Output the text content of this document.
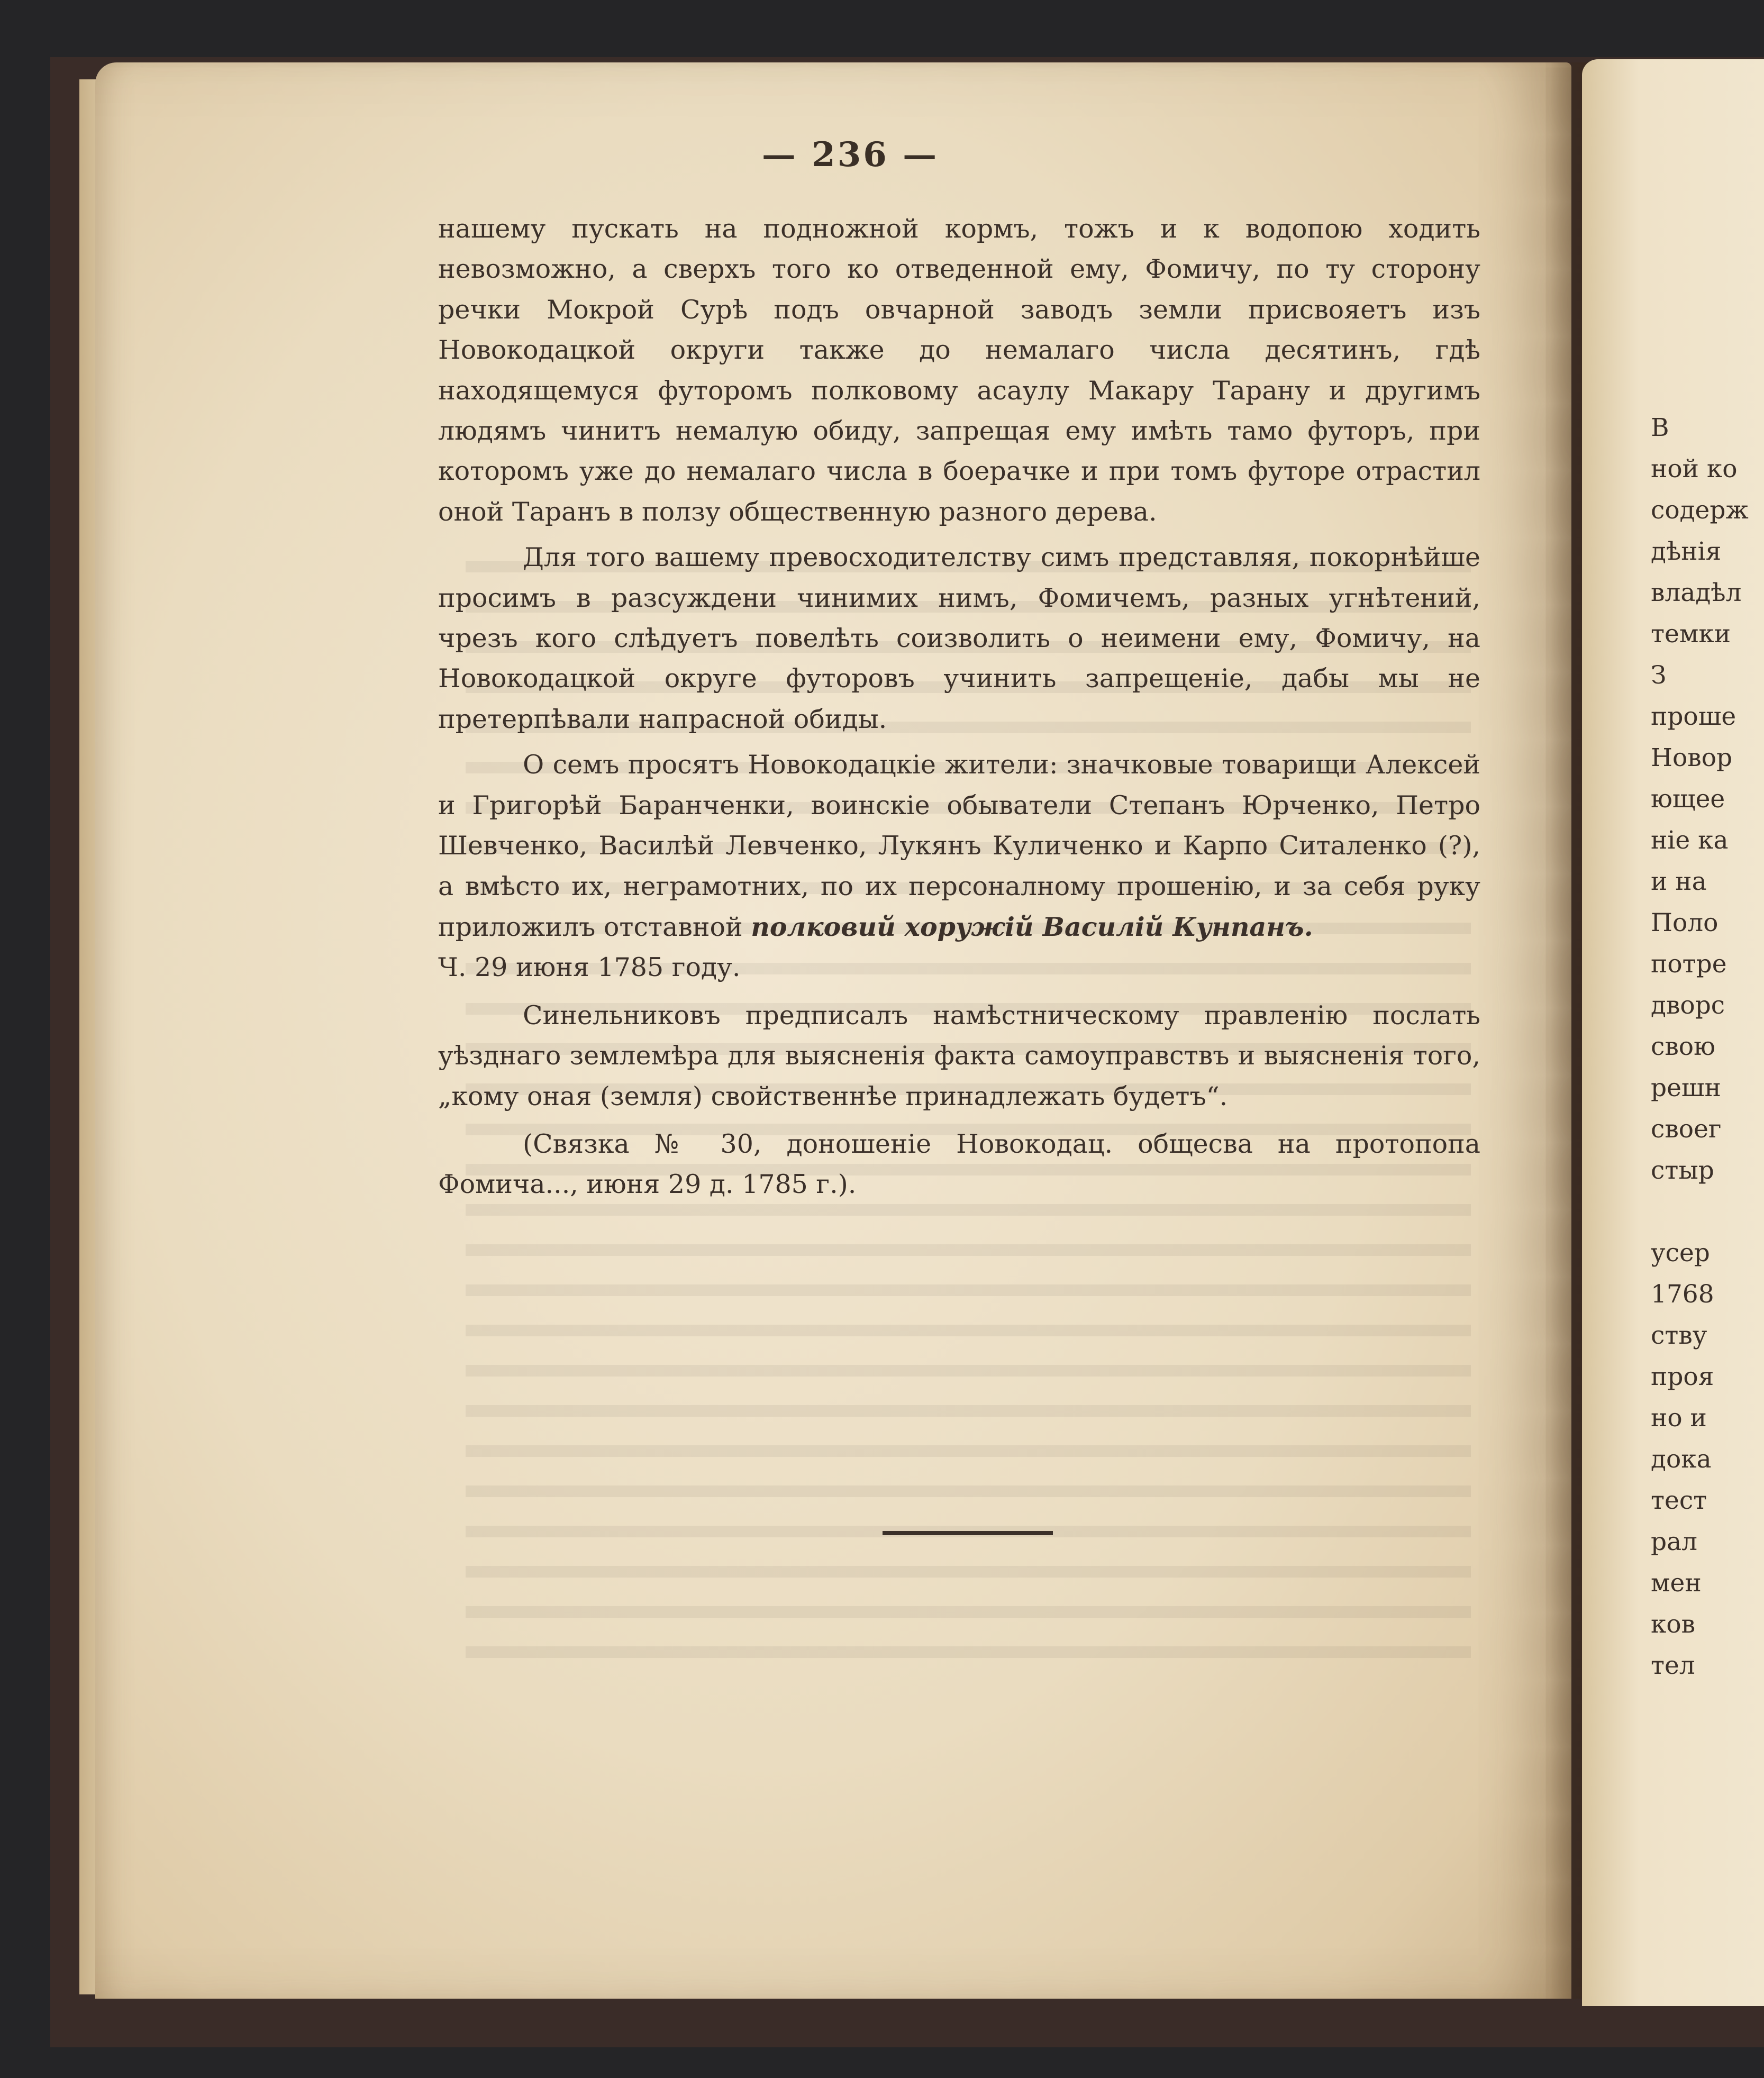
— 236 —

нашему пускать на подножной кормъ, тожъ и к водопою ходить невозможно, а сверхъ того ко отведенной ему, Фомичу, по ту сторону речки Мокрой Сурѣ подъ овчарной заводъ земли присвояетъ изъ Новокодацкой округи также до немалаго числа десятинъ, гдѣ находящемуся футоромъ полковому асаулу Макару Тарану и другимъ людямъ чинитъ немалую обиду, запрещая ему имѣть тамо футоръ, при которомъ уже до немалаго числа в боерачке и при томъ футоре отрастил оной Таранъ в ползу общественную разного дерева.

Для того вашему превосходителству симъ представляя, покорнѣйше просимъ в разсуждени чинимих нимъ, Фомичемъ, разных угнѣтений, чрезъ кого слѣдуетъ повелѣть соизволить о неимени ему, Фомичу, на Новокодацкой округе футоровъ учинить запрещеніе, дабы мы не претерпѣвали напрасной обиды.

О семъ просятъ Новокодацкіе жители: значковые товарищи Алексей и Григорѣй Баранченки, воинскіе обыватели Степанъ Юрченко, Петро Шевченко, Василѣй Левченко, Лукянъ Куличенко и Карпо Ситаленко (?), а вмѣсто их, неграмотних, по их персоналному прошенію, и за себя руку приложилъ отставной полковий хоружій Василій Кунпанъ.
Ч. 29 июня 1785 году.

Синельниковъ предписалъ намѣстническому правленію послать уѣзднаго землемѣра для выясненія факта самоуправствъ и выясненія того, „кому оная (земля) свойственнѣе принадлежать будетъ“.

(Связка № 30, доношеніе Новокодац. общесва на протопопа Фомича..., июня 29 д. 1785 г.).

В
ной ко
содерж
дѣнія
владѣл
темки
З
проше
Новор
ющее
ніе ка
и на
Поло
потре
дворс
свою
решн
своег
стыр

усер
1768
ству
проя
но и
дока
тест
рал
мен
ков
тел
